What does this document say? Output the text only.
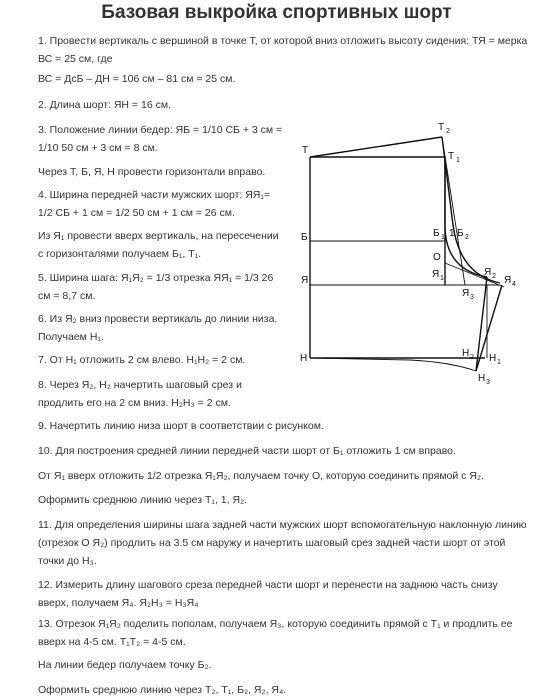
Базовая выкройка спортивных шорт
1. Провести вертикаль с вершиной в точке Т, от которой вниз отложить высоту сидения: ТЯ = мерка ВС = 25 см, где
ВС = ДсБ – ДН = 106 см – 81 см = 25 см.
2. Длина шорт: ЯН = 16 см.
3. Положение линии бедер: ЯБ = 1/10 СБ + 3 см = 1/10 50 см + 3 см = 8 см.
Через Т, Б, Я, Н провести горизонтали вправо.
4. Ширина передней части мужских шорт: ЯЯ₁= 1/2 СБ + 1 см = 1/2 50 см + 1 см = 26 см.
Из Я₁ провести вверх вертикаль, на пересечении с горизонталями получаем Б₁, Т₁.
5. Ширина шага: Я₁Я₂ = 1/3 отрезка ЯЯ₁ = 1/3 26 см = 8,7 см.
6. Из Я₂ вниз провести вертикаль до линии низа. Получаем Н₁.
7. От Н₁ отложить 2 см влево. Н₁Н₂ = 2 см.
8. Через Я₂, Н₂ начертить шаговый срез и продлить его на 2 см вниз. Н₂Н₃ = 2 см.
9. Начертить линию низа шорт в соответствии с рисунком.
10. Для построения средней линии передней части шорт от Б₁ отложить 1 см вправо.
От Я₁ вверх отложить 1/2 отрезка Я₁Я₂, получаем точку О, которую соединить прямой с Я₂.
Оформить среднюю линию через Т₁, 1, Я₂.
11. Для определения ширины шага задней части мужских шорт вспомогательную наклонную линию (отрезок О Я₂) продлить на 3.5 см наружу и начертить шаговый срез задней части шорт от этой точки до Н₃.
12. Измерить длину шагового среза передней части шорт и перенести на заднюю часть снизу вверх, получаем Я₄. Я₂Н₃ = Н₃Я₄
13. Отрезок Я₁Я₂ поделить пополам, получаем Я₃, которую соединить прямой с Т₁ и продлить ее вверх на 4-5 см. Т₁Т₂ = 4-5 см.
На линии бедер получаем точку Б₂.
Оформить среднюю линию через Т₂, Т₁, Б₂, Я₂, Я₄.
Т
Т 2
Т 1
Б	Б 1 1 Б 2
О
Я
Я 1
Я 2
Я 3
Я 4
Н	Н 2 Н 1
Н 3
